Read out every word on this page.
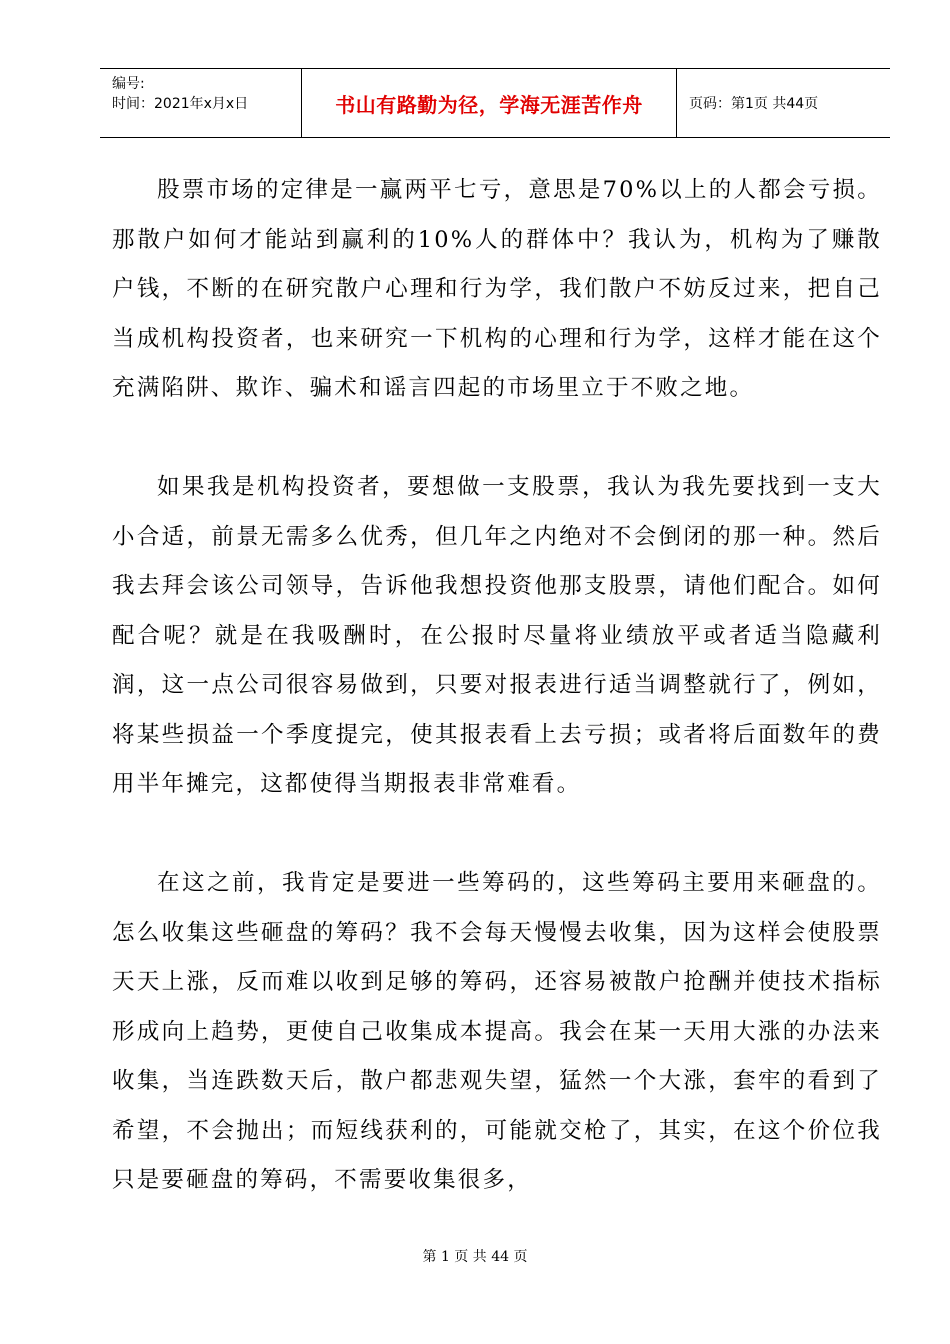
编号:
时间：2021年x月x日	书山有路勤为径，学海无涯苦作舟	页码：第1页 共44页

股票市场的定律是一赢两平七亏，意思是70%以上的人都会亏损。那散户如何才能站到赢利的10%人的群体中？我认为，机构为了赚散户钱，不断的在研究散户心理和行为学，我们散户不妨反过来，把自己当成机构投资者，也来研究一下机构的心理和行为学，这样才能在这个充满陷阱、欺诈、骗术和谣言四起的市场里立于不败之地。

如果我是机构投资者，要想做一支股票，我认为我先要找到一支大小合适，前景无需多么优秀，但几年之内绝对不会倒闭的那一种。然后我去拜会该公司领导，告诉他我想投资他那支股票，请他们配合。如何配合呢？就是在我吸酬时，在公报时尽量将业绩放平或者适当隐藏利润，这一点公司很容易做到，只要对报表进行适当调整就行了，例如，将某些损益一个季度提完，使其报表看上去亏损；或者将后面数年的费用半年摊完，这都使得当期报表非常难看。

在这之前，我肯定是要进一些筹码的，这些筹码主要用来砸盘的。怎么收集这些砸盘的筹码？我不会每天慢慢去收集，因为这样会使股票天天上涨，反而难以收到足够的筹码，还容易被散户抢酬并使技术指标形成向上趋势，更使自己收集成本提高。我会在某一天用大涨的办法来收集，当连跌数天后，散户都悲观失望，猛然一个大涨，套牢的看到了希望，不会抛出；而短线获利的，可能就交枪了，其实，在这个价位我只是要砸盘的筹码，不需要收集很多，

第 1 页 共 44 页
